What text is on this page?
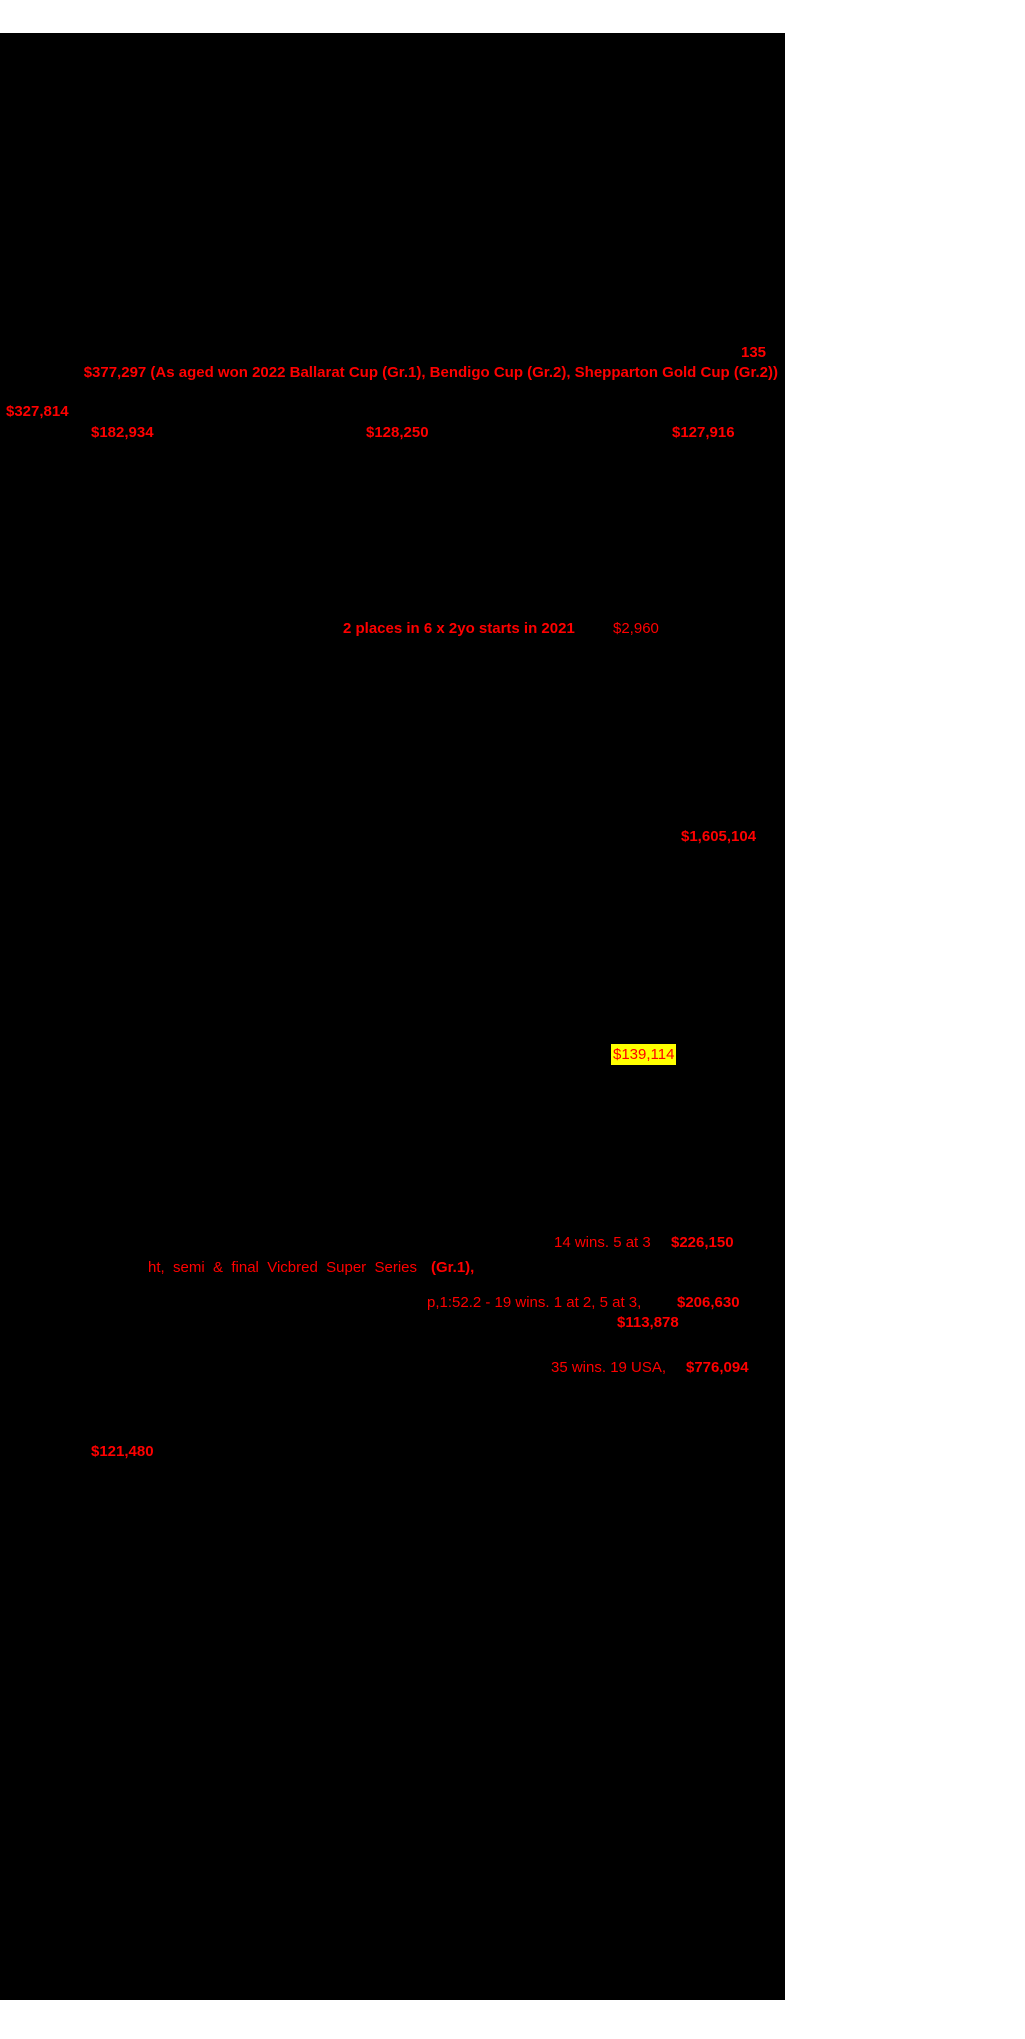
135
$377,297 (As aged won 2022 Ballarat Cup (Gr.1), Bendigo Cup (Gr.2), Shepparton Gold Cup (Gr.2))
$327,814
$182,934	$128,250	$127,916
2 places in 6 x 2yo starts in 2021	$2,960
$1,605,104
$139,114
14 wins. 5 at 3 $226,150
ht,  semi  &  final  Vicbred  Super  Series (Gr.1),
p,1:52.2 - 19 wins. 1 at 2, 5 at 3, $206,630
$113,878
35 wins. 19 USA, $776,094
$121,480
